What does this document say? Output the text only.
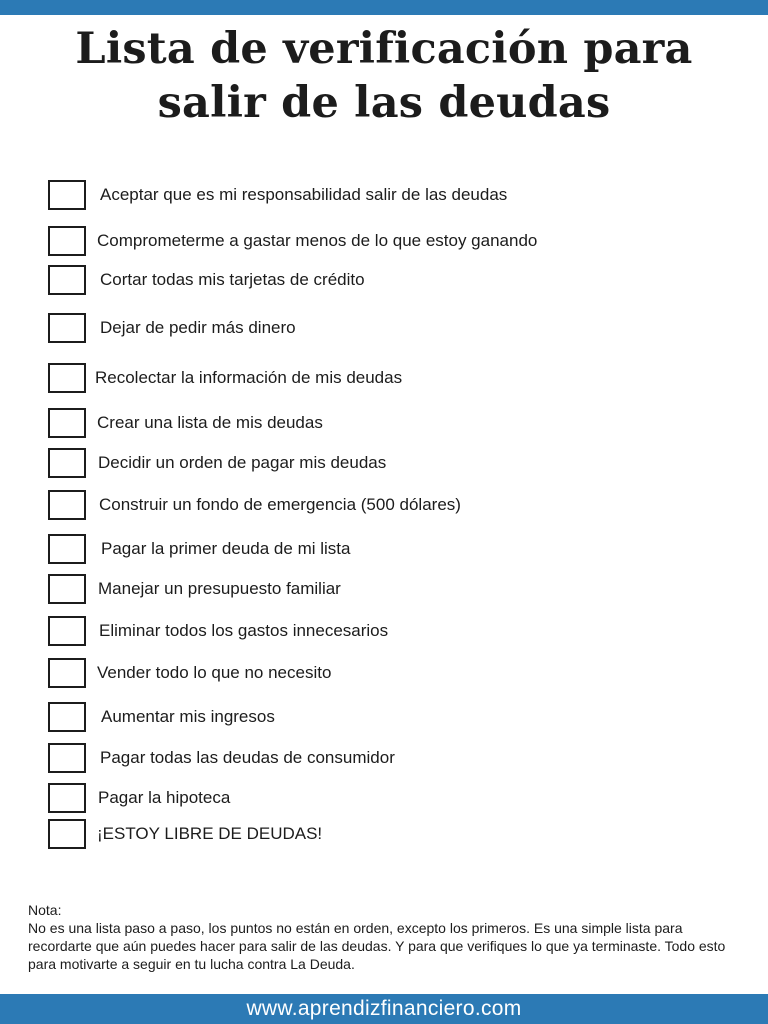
Lista de verificación para
salir de las deudas
Aceptar que es mi responsabilidad salir de las deudas
Comprometerme a gastar menos de lo que estoy ganando
Cortar todas mis tarjetas de crédito
Dejar de pedir más dinero
Recolectar la información de mis deudas
Crear una lista de mis deudas
Decidir un orden de pagar mis deudas
Construir un fondo de emergencia (500 dólares)
Pagar la primer deuda de mi lista
Manejar un presupuesto familiar
Eliminar todos los gastos innecesarios
Vender todo lo que no necesito
Aumentar mis ingresos
Pagar todas las deudas de consumidor
Pagar la hipoteca
¡ESTOY LIBRE DE DEUDAS!

Nota:

No es una lista paso a paso, los puntos no están en orden, excepto los primeros. Es una simple lista para recordarte que aún puedes hacer para salir de las deudas. Y para que verifiques lo que ya terminaste. Todo esto para motivarte a seguir en tu lucha contra La Deuda.

www.aprendizfinanciero.com
